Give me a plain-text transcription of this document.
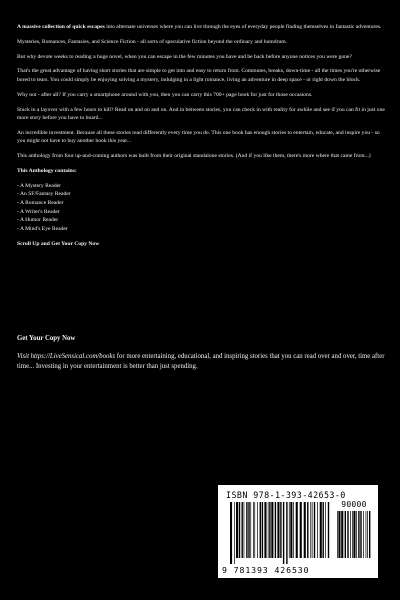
A massive collection of quick escapes into alternate universes where you can live through the eyes of everyday people finding themselves in fantastic adventures.

Mysteries, Romances, Fantasies, and Science Fiction - all sorts of speculative fiction beyond the ordinary and humdrum.

But why devote weeks to reading a huge novel, when you can escape in the few minutes you have and be back before anyone notices you were gone?

That's the great advantage of having short stories that are simple to get into and easy to return from. Commutes, breaks, down-time - all the times you're otherwise bored to tears. You could simply be enjoying solving a mystery, indulging in a light romance, living an adventure in deep space - or right down the block.

Why not - after all? If you carry a smartphone around with you, then you can carry this 700+ page book for just for those occasions.

Stuck in a layover with a few hours to kill? Read on and on and on. And in between stories, you can check in with reality for awhile and see if you can fit in just one more story before you have to board...

An incredible investment. Because all these stories read differently every time you do. This one book has enough stories to entertain, educate, and inspire you - so you might not have to buy another book this year...

This anthology from four up-and-coming authors was built from their original standalone stories. (And if you like them, there's more where that came from...)

This Anthology contains:

- A Mystery Reader
- An SF/Fantasy Reader
- A Romance Reader
- A Writer's Reader
- A Humor Reader
- A Mind's Eye Reader

Scroll Up and Get Your Copy Now

Get Your Copy Now

Visit https://LiveSensical.com/books for more entertaining, educational, and inspiring stories that you can read over and over, time after time... Investing in your entertainment is better than just spending.

ISBN 978-1-393-42653-0
90000
9 781393 426530
